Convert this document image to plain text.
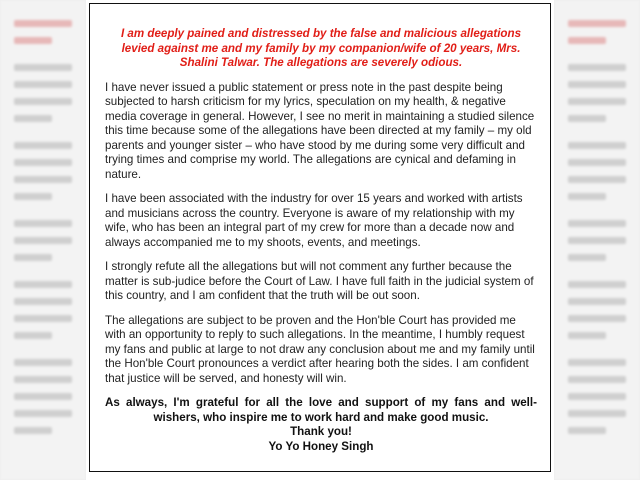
I am deeply pained and distressed by the false and malicious allegations levied against me and my family by my companion/wife of 20 years, Mrs. Shalini Talwar. The allegations are severely odious.

I have never issued a public statement or press note in the past despite being subjected to harsh criticism for my lyrics, speculation on my health, & negative media coverage in general. However, I see no merit in maintaining a studied silence this time because some of the allegations have been directed at my family – my old parents and younger sister – who have stood by me during some very difficult and trying times and comprise my world. The allegations are cynical and defaming in nature.

I have been associated with the industry for over 15 years and worked with artists and musicians across the country. Everyone is aware of my relationship with my wife, who has been an integral part of my crew for more than a decade now and always accompanied me to my shoots, events, and meetings.

I strongly refute all the allegations but will not comment any further because the matter is sub-judice before the Court of Law. I have full faith in the judicial system of this country, and I am confident that the truth will be out soon.

The allegations are subject to be proven and the Hon'ble Court has provided me with an opportunity to reply to such allegations. In the meantime, I humbly request my fans and public at large to not draw any conclusion about me and my family until the Hon'ble Court pronounces a verdict after hearing both the sides. I am confident that justice will be served, and honesty will win.

As always, I'm grateful for all the love and support of my fans and well-wishers, who inspire me to work hard and make good music.

Thank you!

Yo Yo Honey Singh
